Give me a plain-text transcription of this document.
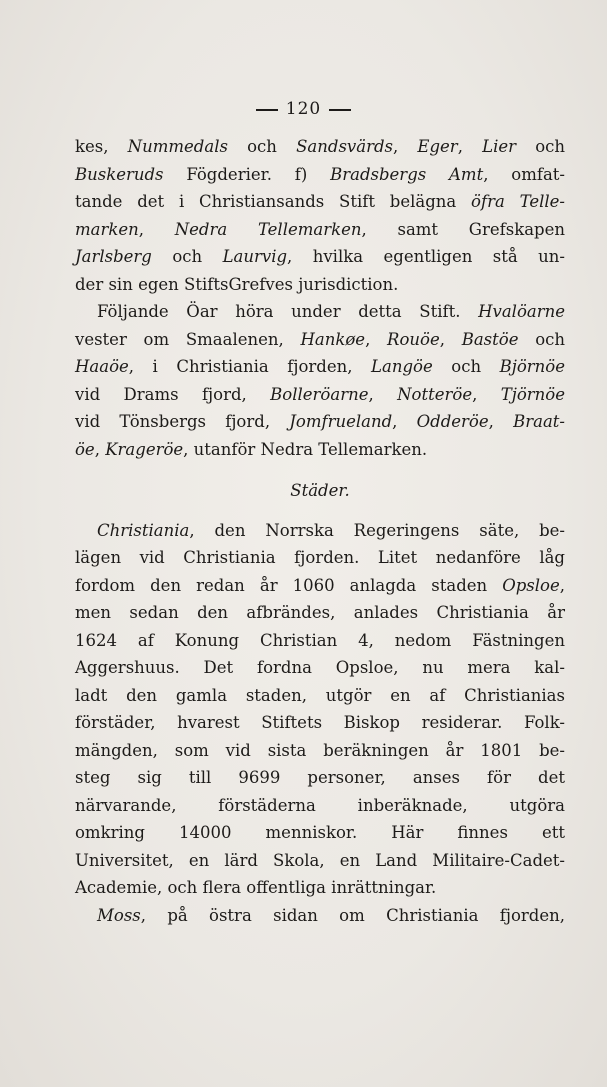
120
kes, Nummedals och Sandsvärds, Eger, Lier och
Buskeruds Fögderier. f) Bradsbergs Amt, omfat-
tande det i Christiansands Stift belägna öfra Telle-
marken, Nedra Tellemarken, samt Grefskapen
Jarlsberg och Laurvig, hvilka egentligen stå un-
der sin egen StiftsGrefves jurisdiction.
Följande Öar höra under detta Stift. Hvalöarne
vester om Smaalenen, Hankøe, Rouöe, Bastöe och
Haaöe, i Christiania fjorden, Langöe och Björnöe
vid Drams fjord, Bolleröarne, Notteröe, Tjörnöe
vid Tönsbergs fjord, Jomfrueland, Odderöe, Braat-
öe, Krageröe, utanför Nedra Tellemarken.
Städer.
Christiania, den Norrska Regeringens säte, be-
lägen vid Christiania fjorden. Litet nedanföre låg
fordom den redan år 1060 anlagda staden Opsloe,
men sedan den afbrändes, anlades Christiania år
1624 af Konung Christian 4, nedom Fästningen
Aggershuus. Det fordna Opsloe, nu mera kal-
ladt den gamla staden, utgör en af Christianias
förstäder, hvarest Stiftets Biskop residerar. Folk-
mängden, som vid sista beräkningen år 1801 be-
steg sig till 9699 personer, anses för det
närvarande, förstäderna inberäknade, utgöra
omkring 14000 menniskor. Här finnes ett
Universitet, en lärd Skola, en Land Militaire-Cadet-
Academie, och flera offentliga inrättningar.
Moss, på östra sidan om Christiania fjorden,
